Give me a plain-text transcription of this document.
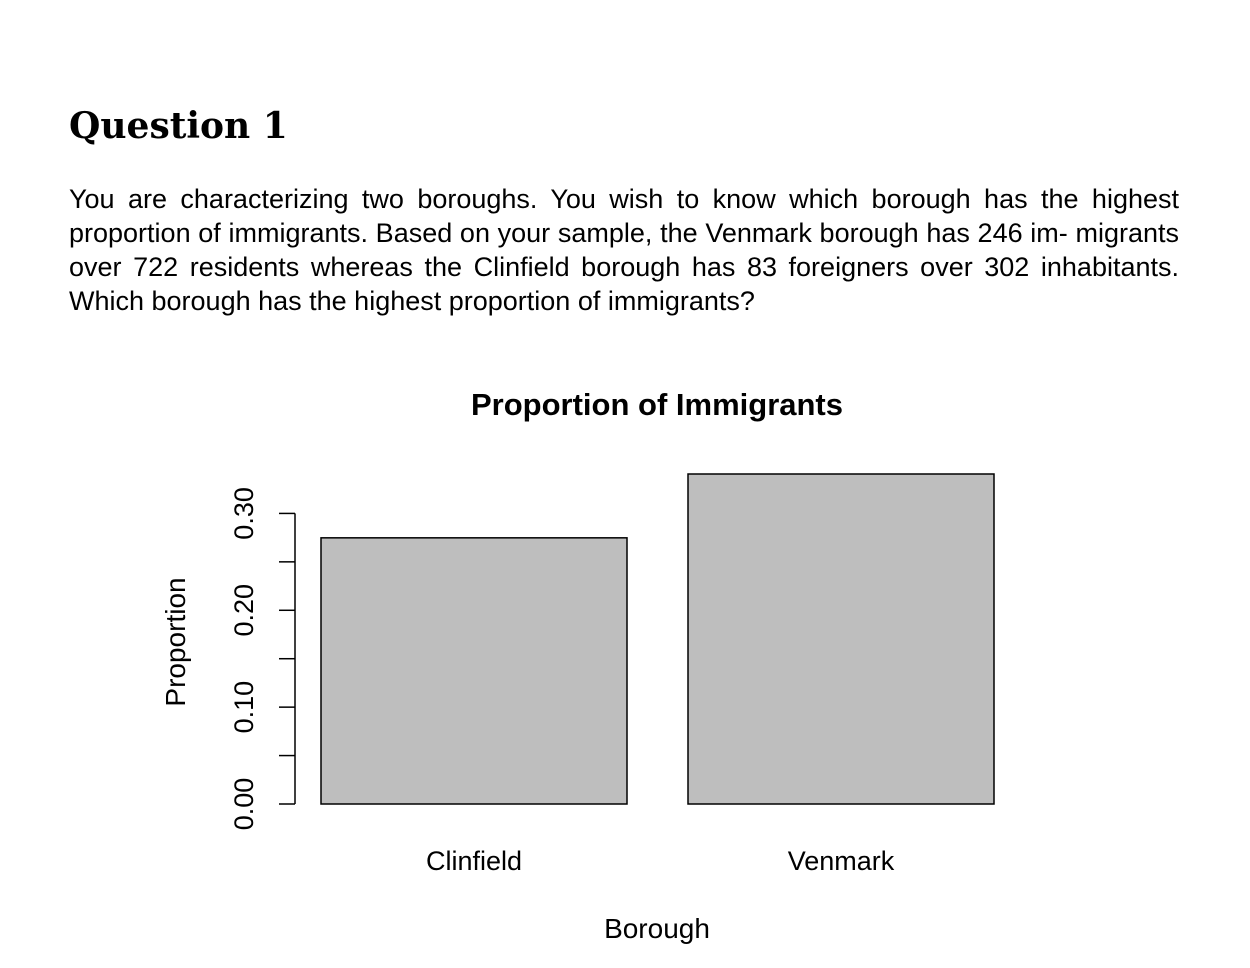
Question 1

You are characterizing two boroughs. You wish to know which borough has the highest proportion of immigrants. Based on your sample, the Venmark borough has 246 im- migrants over 722 residents whereas the Clinfield borough has 83 foreigners over 302 inhabitants. Which borough has the highest proportion of immigrants?

Proportion of Immigrants
Borough
Proportion
0.00
0.10
0.20
0.30
Clinfield	Venmark
